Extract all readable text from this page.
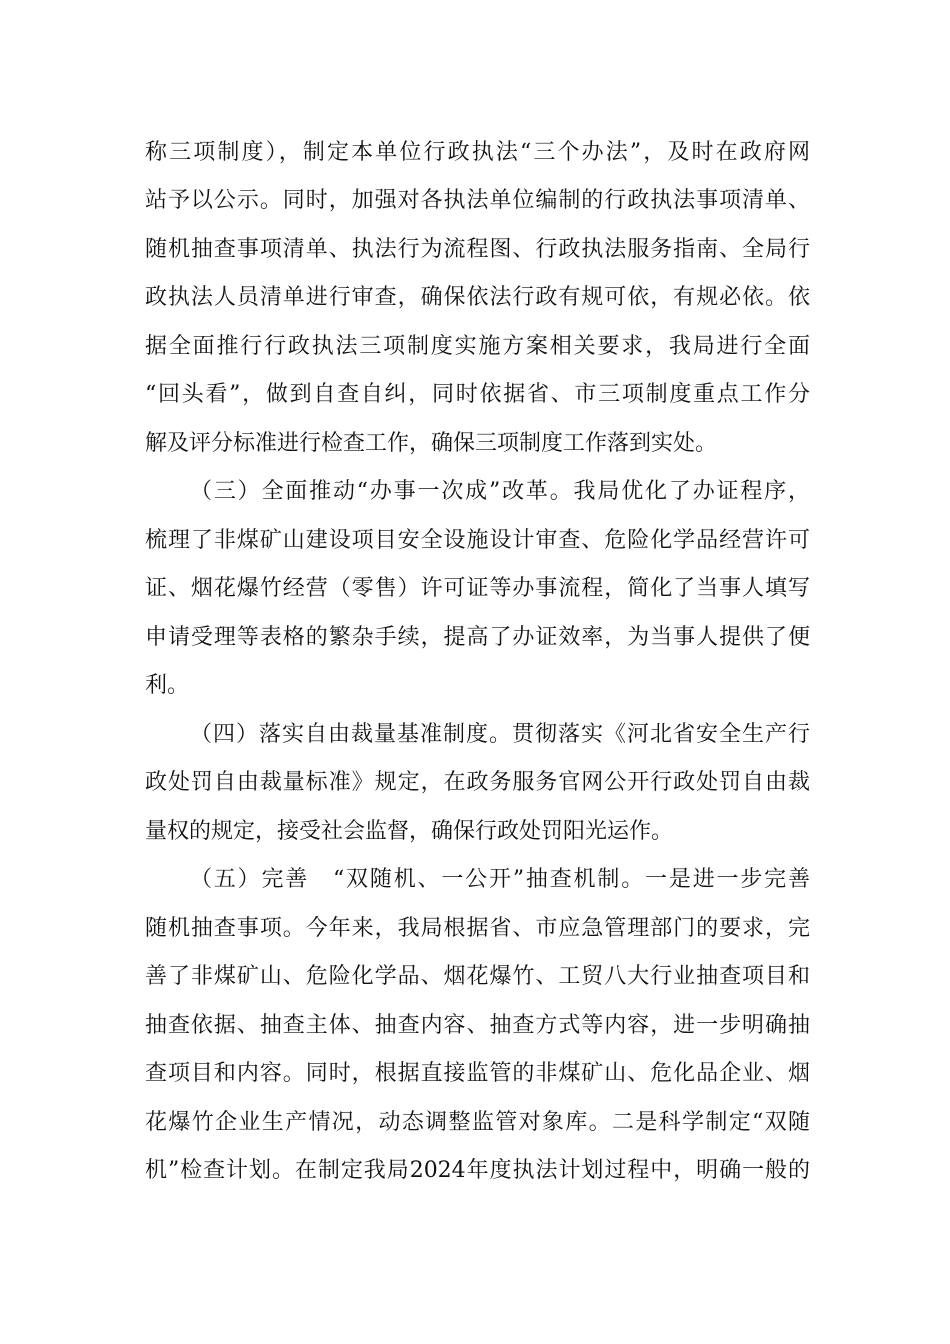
称三项制度），制定本单位行政执法“三个办法”，及时在政府网

站予以公示。同时，加强对各执法单位编制的行政执法事项清单、

随机抽查事项清单、执法行为流程图、行政执法服务指南、全局行

政执法人员清单进行审查，确保依法行政有规可依，有规必依。依

据全面推行行政执法三项制度实施方案相关要求，我局进行全面

“回头看”，做到自查自纠，同时依据省、市三项制度重点工作分

解及评分标准进行检查工作，确保三项制度工作落到实处。

（三）全面推动“办事一次成”改革。我局优化了办证程序，

梳理了非煤矿山建设项目安全设施设计审查、危险化学品经营许可

证、烟花爆竹经营（零售）许可证等办事流程，简化了当事人填写

申请受理等表格的繁杂手续，提高了办证效率，为当事人提供了便

利。

（四）落实自由裁量基准制度。贯彻落实《河北省安全生产行

政处罚自由裁量标准》规定，在政务服务官网公开行政处罚自由裁

量权的规定，接受社会监督，确保行政处罚阳光运作。

（五）完善　“双随机、一公开”抽查机制。一是进一步完善

随机抽查事项。今年来，我局根据省、市应急管理部门的要求，完

善了非煤矿山、危险化学品、烟花爆竹、工贸八大行业抽查项目和

抽查依据、抽查主体、抽查内容、抽查方式等内容，进一步明确抽

查项目和内容。同时，根据直接监管的非煤矿山、危化品企业、烟

花爆竹企业生产情况，动态调整监管对象库。二是科学制定“双随

机”检查计划。在制定我局2024年度执法计划过程中，明确一般的
